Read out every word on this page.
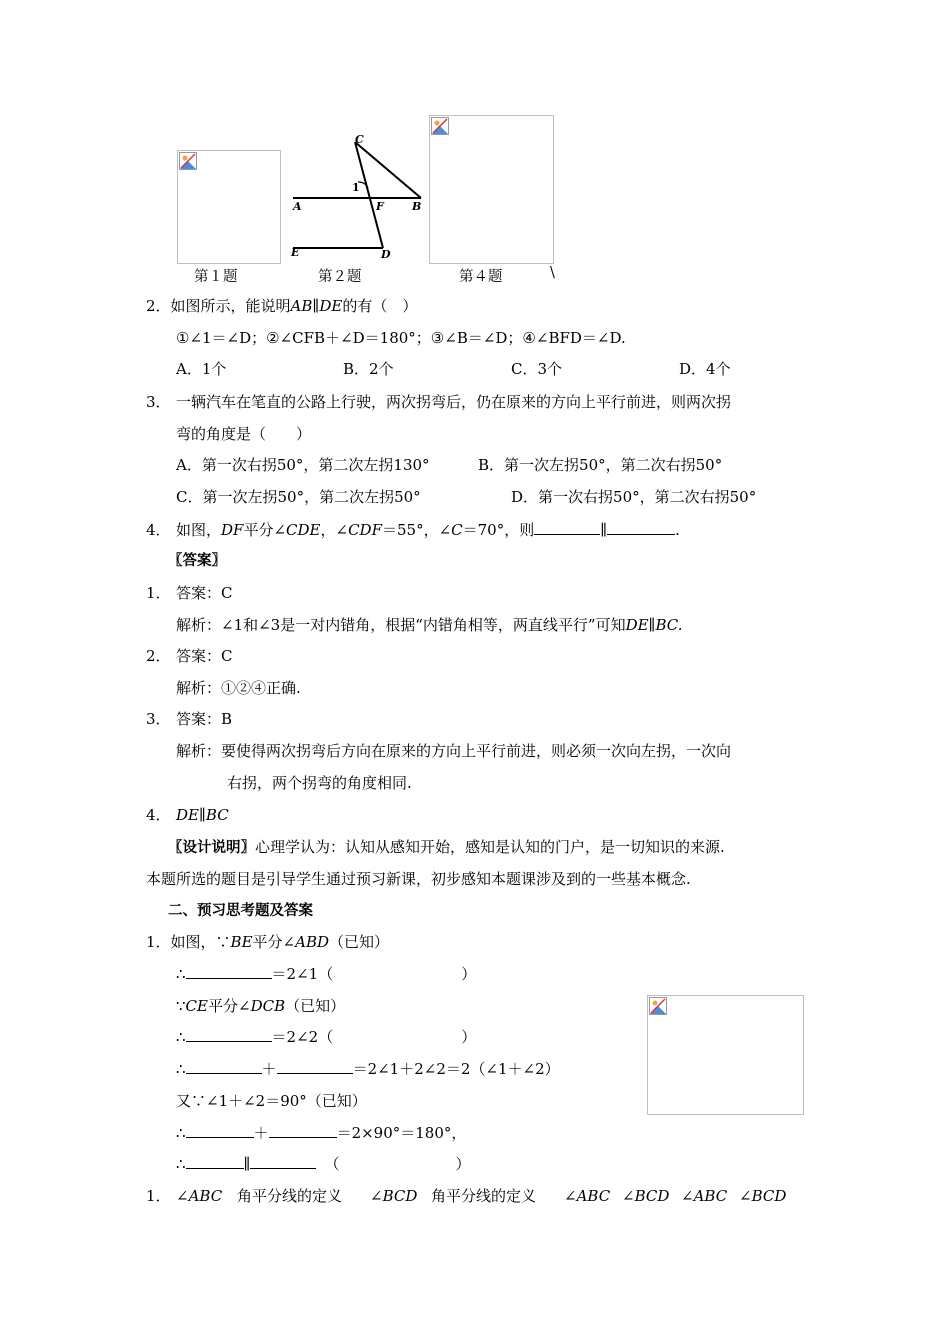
C
1
A	F	B
E	D
第１题	第２题	第４题	\
2．如图所示，能说明AB∥DE的有（　）
①∠1＝∠D；②∠CFB＋∠D＝180°；③∠B＝∠D；④∠BFD＝∠D.
A．1个	B．2个	C．3个	D．4个
3． 一辆汽车在笔直的公路上行驶，两次拐弯后，仍在原来的方向上平行前进，则两次拐
弯的角度是（　　）
A．第一次右拐50°，第二次左拐130°	B．第一次左拐50°，第二次右拐50°
C．第一次左拐50°，第二次左拐50°	D．第一次右拐50°，第二次右拐50°
4． 如图，DF平分∠CDE，∠CDF＝55°，∠C＝70°，则	∥	.
〖答案〗
1． 答案：C
解析：∠1和∠3是一对内错角，根据“内错角相等，两直线平行”可知DE∥BC.
2． 答案：C
解析：①②④正确.
3． 答案：B
解析：要使得两次拐弯后方向在原来的方向上平行前进，则必须一次向左拐，一次向
右拐，两个拐弯的角度相同.
4． DE∥BC
〖设计说明〗心理学认为：认知从感知开始，感知是认知的门户，是一切知识的来源.
本题所选的题目是引导学生通过预习新课，初步感知本题课涉及到的一些基本概念.
二、预习思考题及答案
1．如图，∵BE平分∠ABD（已知）
∴	＝2∠1（	）
∵CE平分∠DCB（已知）
∴	＝2∠2（	）
∴	＋	＝2∠1＋2∠2＝2（∠1＋∠2）
又∵∠1＋∠2＝90°（已知）
∴	＋	＝2×90°＝180°，
∴	∥	（	）
1． ∠ABC 角平分线的定义 ∠BCD 角平分线的定义 ∠ABC ∠BCD ∠ABC ∠BCD
